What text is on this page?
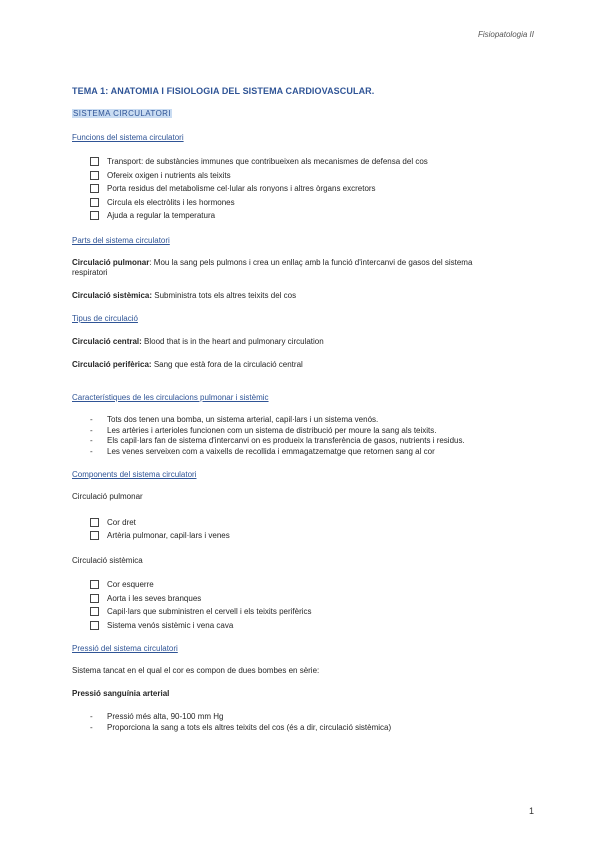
Fisiopatologia II
TEMA 1: ANATOMIA I FISIOLOGIA DEL SISTEMA CARDIOVASCULAR.
SISTEMA CIRCULATORI
Funcions del sistema circulatori
Transport: de substàncies immunes que contribueixen als mecanismes de defensa del cos
Ofereix oxigen i nutrients als teixits
Porta residus del metabolisme cel·lular als ronyons i altres òrgans excretors
Circula els electròlits i les hormones
Ajuda a regular la temperatura
Parts del sistema circulatori
Circulació pulmonar: Mou la sang pels pulmons i crea un enllaç amb la funció d'intercanvi de gasos del sistema
respiratori
Circulació sistèmica: Subministra tots els altres teixits del cos
Tipus de circulació
Circulació central: Blood that is in the heart and pulmonary circulation
Circulació perifèrica: Sang que està fora de la circulació central
Característiques de les circulacions pulmonar i sistèmic
- Tots dos tenen una bomba, un sistema arterial, capil·lars i un sistema venós.
- Les artèries i arterioles funcionen com un sistema de distribució per moure la sang als teixits.
- Els capil·lars fan de sistema d'intercanvi on es produeix la transferència de gasos, nutrients i residus.
- Les venes serveixen com a vaixells de recollida i emmagatzematge que retornen sang al cor
Components del sistema circulatori
Circulació pulmonar
Cor dret
Artèria pulmonar, capil·lars i venes
Circulació sistèmica
Cor esquerre
Aorta i les seves branques
Capil·lars que subministren el cervell i els teixits perifèrics
Sistema venós sistèmic i vena cava
Pressió del sistema circulatori
Sistema tancat en el qual el cor es compon de dues bombes en sèrie:
Pressió sanguínia arterial
- Pressió més alta, 90-100 mm Hg
- Proporciona la sang a tots els altres teixits del cos (és a dir, circulació sistèmica)
1
